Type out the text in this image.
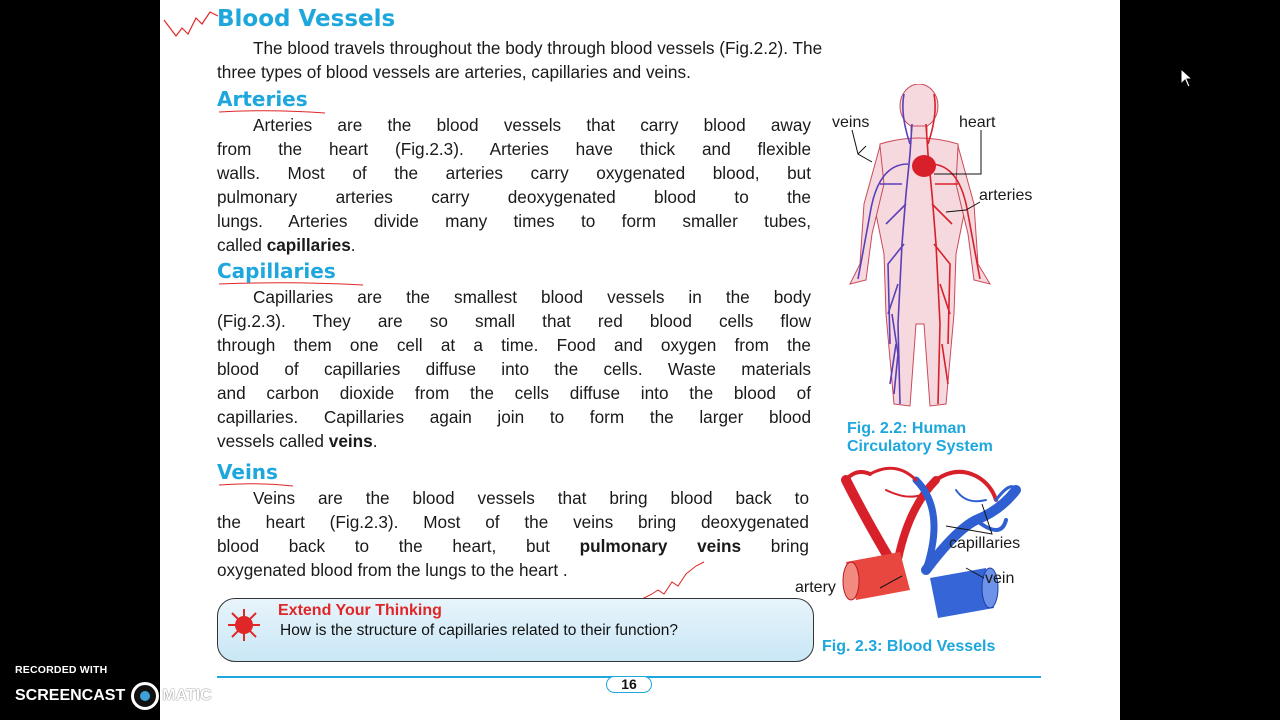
Blood Vessels
The blood travels throughout the body through blood vessels (Fig.2.2). The
three types of blood vessels are arteries, capillaries and veins.
Arteries
Arteries are the blood vessels that carry blood away
from the heart (Fig.2.3). Arteries have thick and flexible
walls. Most of the arteries carry oxygenated blood, but
pulmonary arteries carry deoxygenated blood to the
lungs. Arteries divide many times to form smaller tubes,
called capillaries.
Capillaries
Capillaries are the smallest blood vessels in the body
(Fig.2.3). They are so small that red blood cells flow
through them one cell at a time. Food and oxygen from the
blood of capillaries diffuse into the cells. Waste materials
and carbon dioxide from the cells diffuse into the blood of
capillaries. Capillaries again join to form the larger blood
vessels called veins.
Veins
Veins are the blood vessels that bring blood back to
the heart (Fig.2.3). Most of the veins bring deoxygenated
blood back to the heart, but pulmonary veins bring
oxygenated blood from the lungs to the heart .
veins	heart
arteries
Fig. 2.2: Human
Circulatory System
capillaries
artery
vein
Fig. 2.3: Blood Vessels
Extend Your Thinking
How is the structure of capillaries related to their function?
16
RECORDED WITH
SCREENCAST MATIC
